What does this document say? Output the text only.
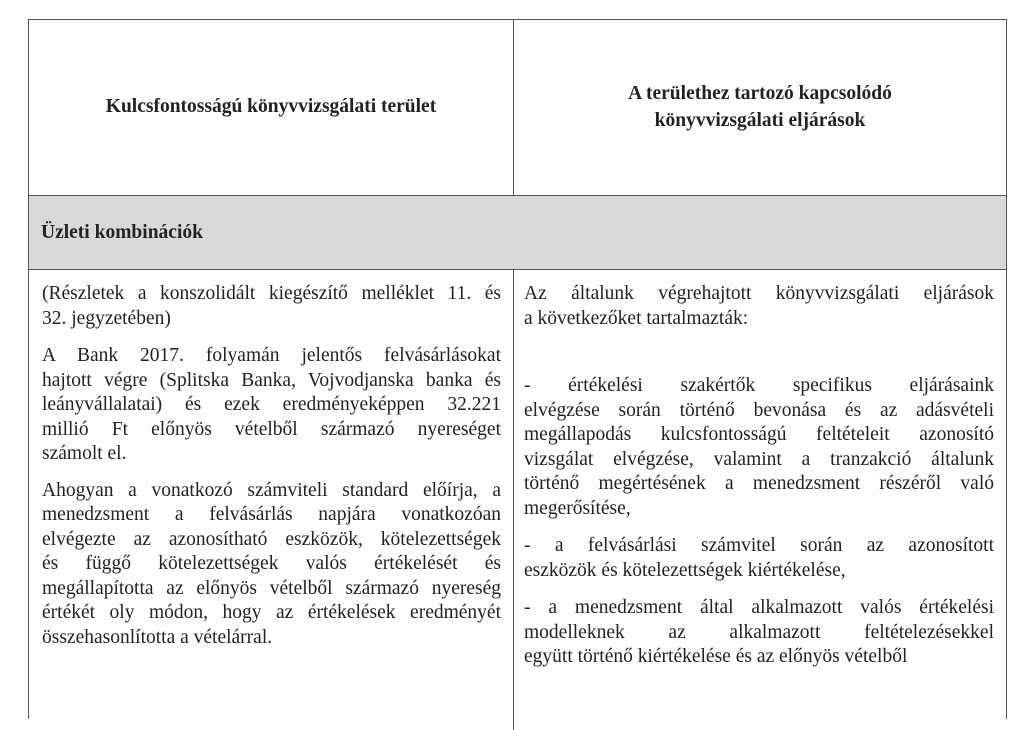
Kulcsfontosságú könyvvizsgálati terület
A területhez tartozó kapcsolódó
könyvvizsgálati eljárások
Üzleti kombinációk
(Részletek a konszolidált kiegészítő melléklet 11. és
32. jegyzetében)
A Bank 2017. folyamán jelentős felvásárlásokat
hajtott végre (Splitska Banka, Vojvodjanska banka és
leányvállalatai) és ezek eredményeképpen 32.221
millió Ft előnyös vételből származó nyereséget
számolt el.
Ahogyan a vonatkozó számviteli standard előírja, a
menedzsment a felvásárlás napjára vonatkozóan
elvégezte az azonosítható eszközök, kötelezettségek
és függő kötelezettségek valós értékelését és
megállapította az előnyös vételből származó nyereség
értékét oly módon, hogy az értékelések eredményét
összehasonlította a vételárral.
Az általunk végrehajtott könyvvizsgálati eljárások
a következőket tartalmazták:
- értékelési szakértők specifikus eljárásaink
elvégzése során történő bevonása és az adásvételi
megállapodás kulcsfontosságú feltételeit azonosító
vizsgálat elvégzése, valamint a tranzakció általunk
történő megértésének a menedzsment részéről való
megerősítése,
- a felvásárlási számvitel során az azonosított
eszközök és kötelezettségek kiértékelése,
- a menedzsment által alkalmazott valós értékelési
modelleknek az alkalmazott feltételezésekkel
együtt történő kiértékelése és az előnyös vételből
